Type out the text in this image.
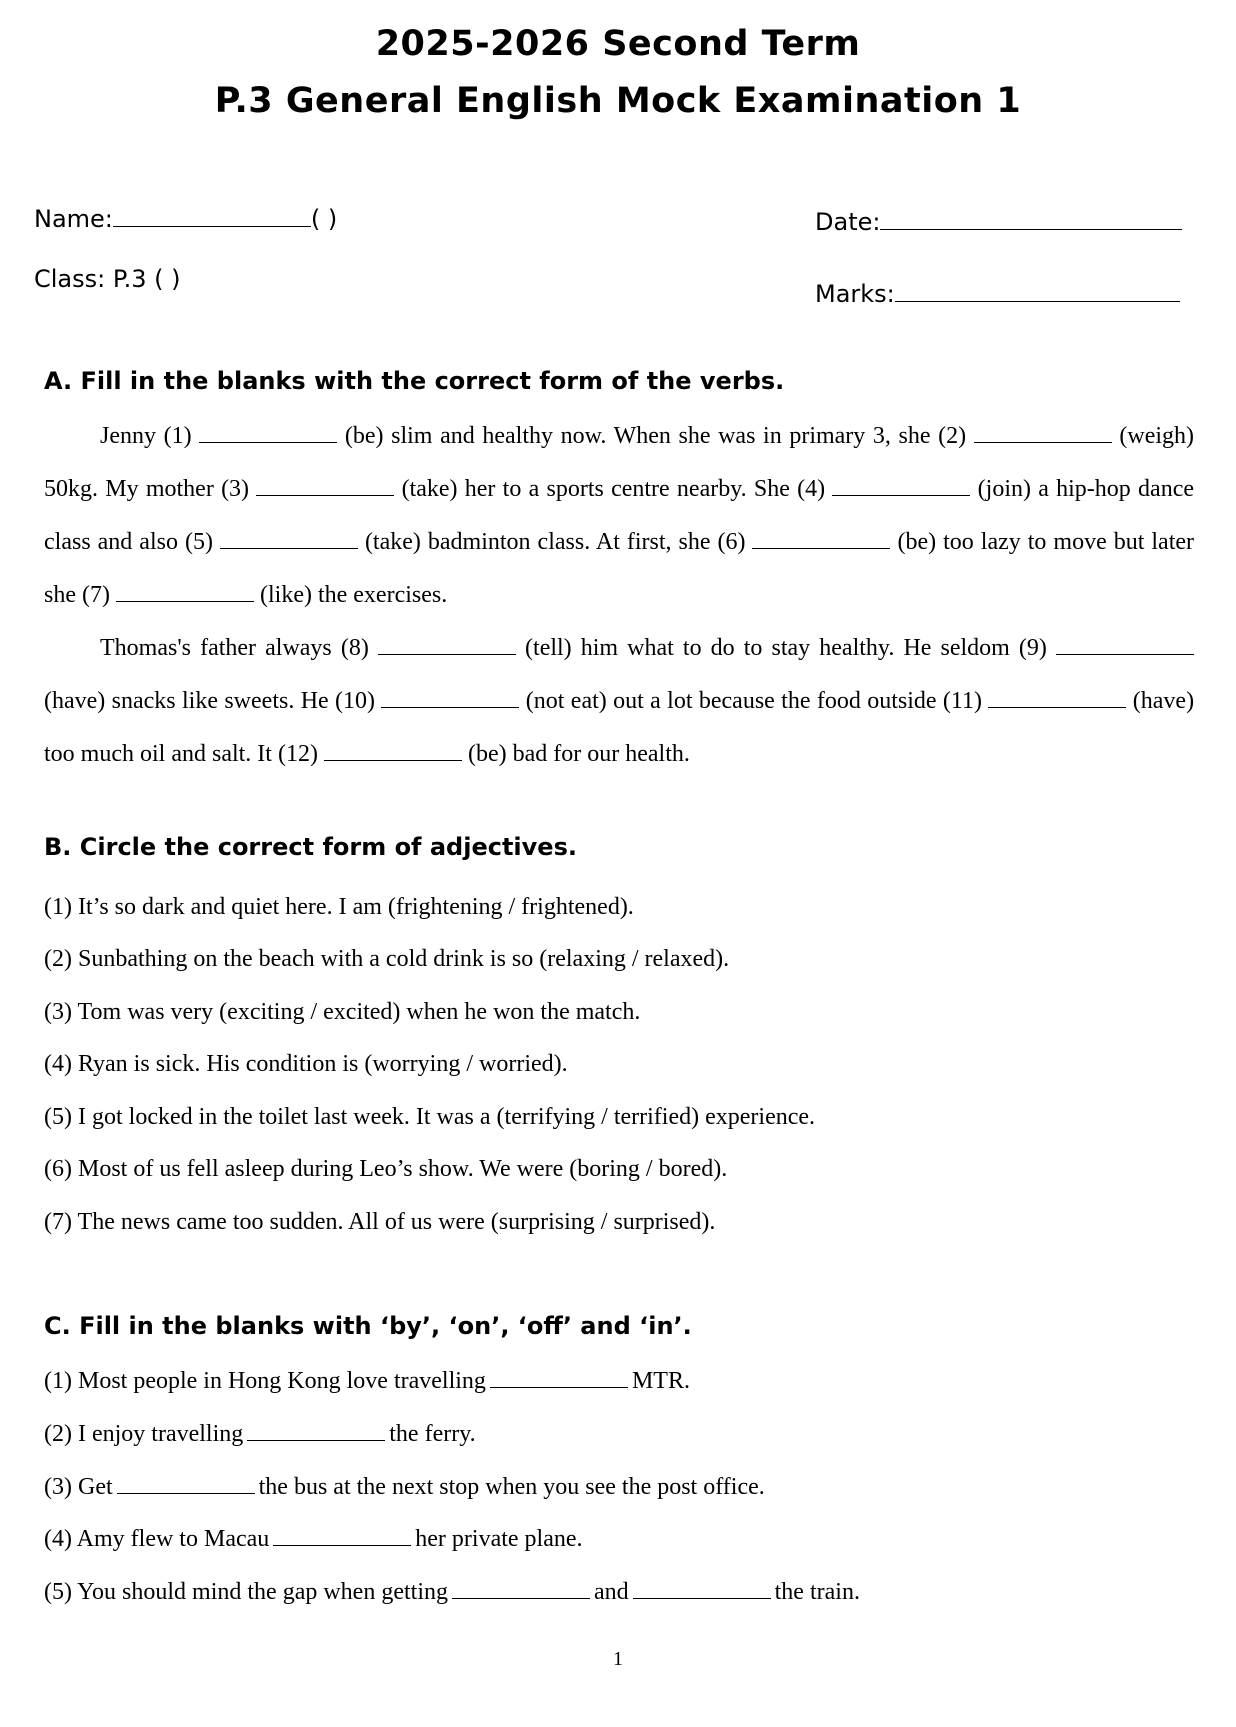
2025-2026 Second Term
P.3 General English Mock Examination 1
Name:	( )	Date:
Class: P.3 ( )
Marks:
A. Fill in the blanks with the correct form of the verbs.
Jenny (1)	(be) slim and healthy now. When she was in primary 3, she (2)	(weigh) 50kg. My mother (3)	(take) her to a sports centre nearby. She (4)	(join) a hip-hop dance class and also (5)	(take) badminton class. At first, she (6)	(be) too lazy to move but later she (7)	(like) the exercises.
Thomas's father always (8)	(tell) him what to do to stay healthy. He seldom (9)  (have) snacks like sweets. He (10)	(not eat) out a lot because the food outside (11)	(have) too much oil and salt. It (12)	(be) bad for our health.
B. Circle the correct form of adjectives.
(1) It’s so dark and quiet here. I am (frightening / frightened).
(2) Sunbathing on the beach with a cold drink is so (relaxing / relaxed).
(3) Tom was very (exciting / excited) when he won the match.
(4) Ryan is sick. His condition is (worrying / worried).
(5) I got locked in the toilet last week. It was a (terrifying / terrified) experience.
(6) Most of us fell asleep during Leo’s show. We were (boring / bored).
(7) The news came too sudden. All of us were (surprising / surprised).
C. Fill in the blanks with ‘by’, ‘on’, ‘off’ and ‘in’.
(1) Most people in Hong Kong love travelling	MTR.
(2) I enjoy travelling	the ferry.
(3) Get	the bus at the next stop when you see the post office.
(4) Amy flew to Macau	her private plane.
(5) You should mind the gap when getting	and	the train.
1
